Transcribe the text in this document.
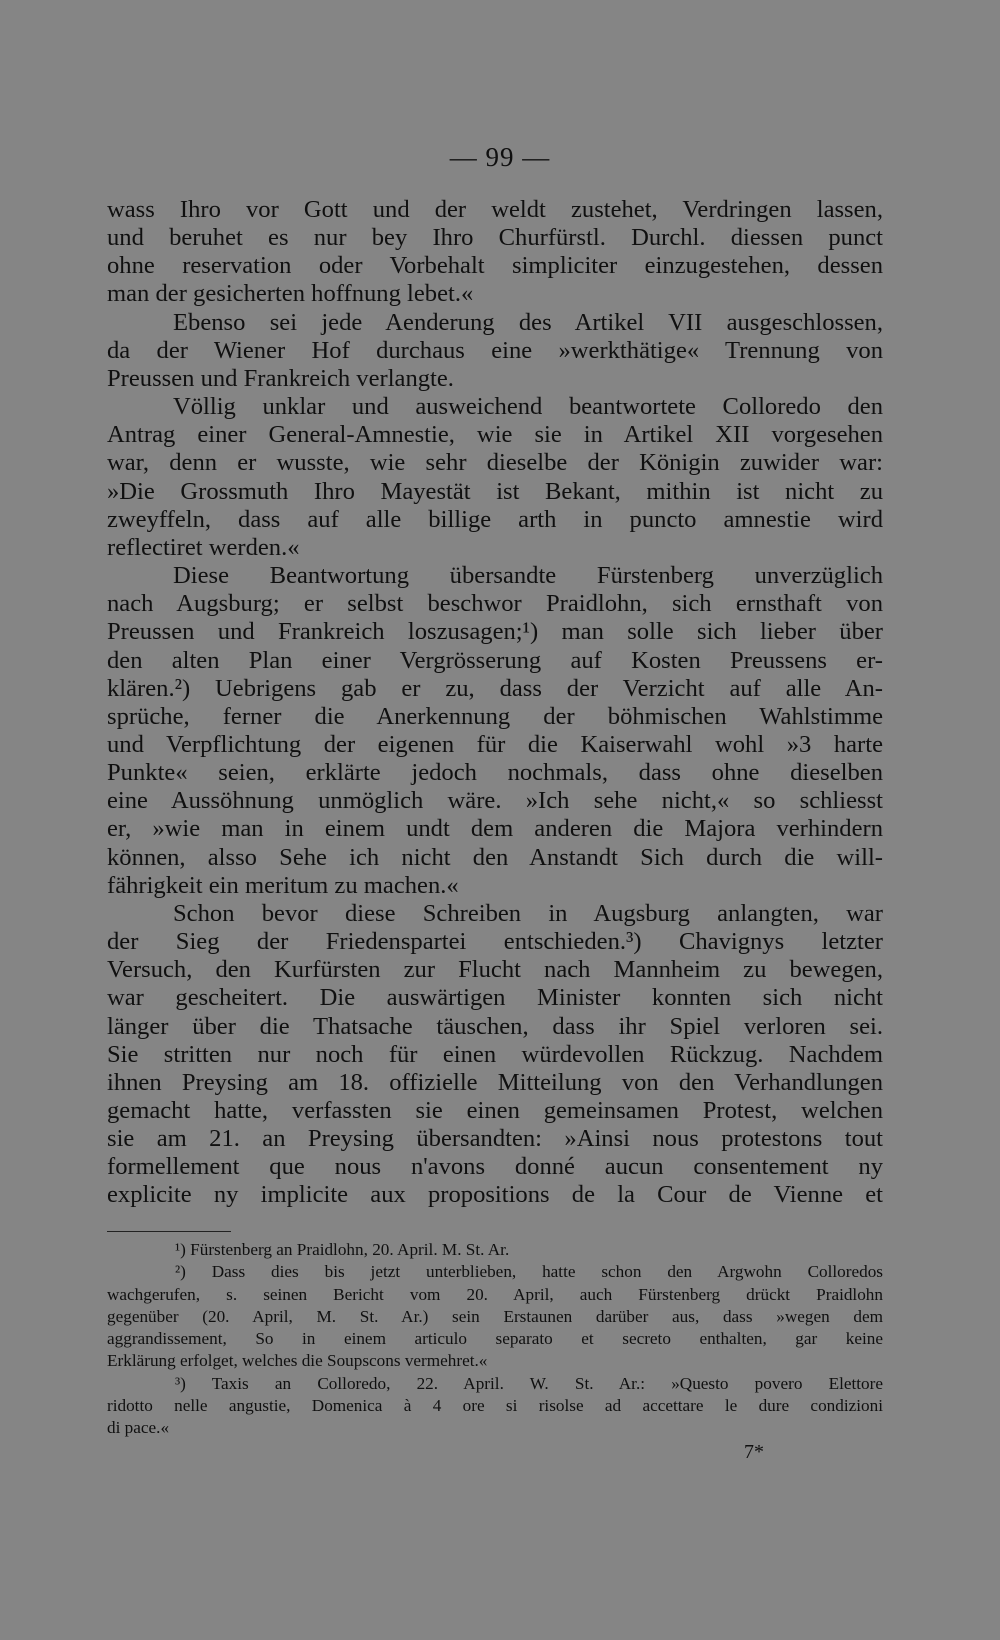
— 99 —
wass Ihro vor Gott und der weldt zustehet, Verdringen lassen,
und beruhet es nur bey Ihro Churfürstl. Durchl. diessen punct
ohne reservation oder Vorbehalt simpliciter einzugestehen, dessen
man der gesicherten hoffnung lebet.«
Ebenso sei jede Aenderung des Artikel VII ausgeschlossen,
da der Wiener Hof durchaus eine »werkthätige« Trennung von
Preussen und Frankreich verlangte.
Völlig unklar und ausweichend beantwortete Colloredo den
Antrag einer General-Amnestie, wie sie in Artikel XII vorgesehen
war, denn er wusste, wie sehr dieselbe der Königin zuwider war:
»Die Grossmuth Ihro Mayestät ist Bekant, mithin ist nicht zu
zweyffeln, dass auf alle billige arth in puncto amnestie wird
reflectiret werden.«
Diese Beantwortung übersandte Fürstenberg unverzüglich
nach Augsburg; er selbst beschwor Praidlohn, sich ernsthaft von
Preussen und Frankreich loszusagen;¹) man solle sich lieber über
den alten Plan einer Vergrösserung auf Kosten Preussens er-
klären.²) Uebrigens gab er zu, dass der Verzicht auf alle An-
sprüche, ferner die Anerkennung der böhmischen Wahlstimme
und Verpflichtung der eigenen für die Kaiserwahl wohl »3 harte
Punkte« seien, erklärte jedoch nochmals, dass ohne dieselben
eine Aussöhnung unmöglich wäre. »Ich sehe nicht,« so schliesst
er, »wie man in einem undt dem anderen die Majora verhindern
können, alsso Sehe ich nicht den Anstandt Sich durch die will-
fährigkeit ein meritum zu machen.«
Schon bevor diese Schreiben in Augsburg anlangten, war
der Sieg der Friedenspartei entschieden.³) Chavignys letzter
Versuch, den Kurfürsten zur Flucht nach Mannheim zu bewegen,
war gescheitert. Die auswärtigen Minister konnten sich nicht
länger über die Thatsache täuschen, dass ihr Spiel verloren sei.
Sie stritten nur noch für einen würdevollen Rückzug. Nachdem
ihnen Preysing am 18. offizielle Mitteilung von den Verhandlungen
gemacht hatte, verfassten sie einen gemeinsamen Protest, welchen
sie am 21. an Preysing übersandten: »Ainsi nous protestons tout
formellement que nous n'avons donné aucun consentement ny
explicite ny implicite aux propositions de la Cour de Vienne et
¹) Fürstenberg an Praidlohn, 20. April. M. St. Ar.
²) Dass dies bis jetzt unterblieben, hatte schon den Argwohn Colloredos
wachgerufen, s. seinen Bericht vom 20. April, auch Fürstenberg drückt Praidlohn
gegenüber (20. April, M. St. Ar.) sein Erstaunen darüber aus, dass »wegen dem
aggrandissement, So in einem articulo separato et secreto enthalten, gar keine
Erklärung erfolget, welches die Soupscons vermehret.«
³) Taxis an Colloredo, 22. April. W. St. Ar.: »Questo povero Elettore
ridotto nelle angustie, Domenica à 4 ore si risolse ad accettare le dure condizioni
di pace.«
7*
